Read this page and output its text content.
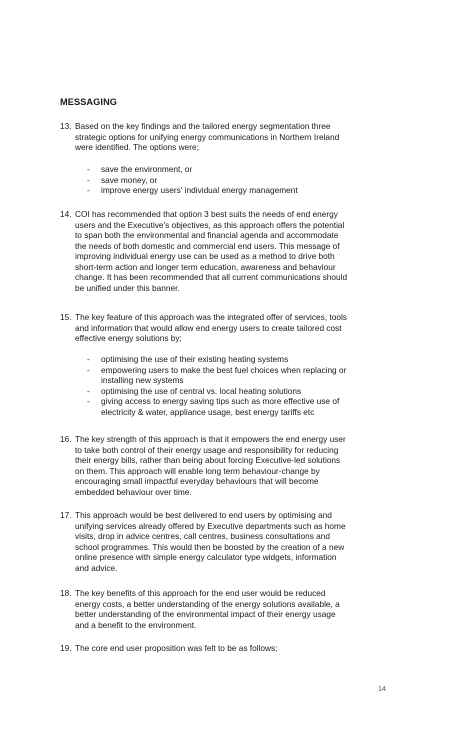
MESSAGING
13. Based on the key findings and the tailored energy segmentation three
strategic options for unifying energy communications in Northern Ireland
were identified. The options were;
- save the environment, or
- save money, or
- improve energy users' individual energy management
14. COI has recommended that option 3 best suits the needs of end energy
users and the Executive's objectives, as this approach offers the potential
to span both the environmental and financial agenda and accommodate
the needs of both domestic and commercial end users. This message of
improving individual energy use can be used as a method to drive both
short-term action and longer term education, awareness and behaviour
change. It has been recommended that all current communications should
be unified under this banner.
15. The key feature of this approach was the integrated offer of services, tools
and information that would allow end energy users to create tailored cost
effective energy solutions by;
- optimising the use of their existing heating systems
- empowering users to make the best fuel choices when replacing or
installing new systems
- optimising the use of central vs. local heating solutions
- giving access to energy saving tips such as more effective use of
electricity & water, appliance usage, best energy tariffs etc
16. The key strength of this approach is that it empowers the end energy user
to take both control of their energy usage and responsibility for reducing
their energy bills, rather than being about forcing Executive-led solutions
on them. This approach will enable long term behaviour-change by
encouraging small impactful everyday behaviours that will become
embedded behaviour over time.
17. This approach would be best delivered to end users by optimising and
unifying services already offered by Executive departments such as home
visits, drop in advice centres, call centres, business consultations and
school programmes. This would then be boosted by the creation of a new
online presence with simple energy calculator type widgets, information
and advice.
18. The key benefits of this approach for the end user would be reduced
energy costs, a better understanding of the energy solutions available, a
better understanding of the environmental impact of their energy usage
and a benefit to the environment.
19. The core end user proposition was felt to be as follows;
14
